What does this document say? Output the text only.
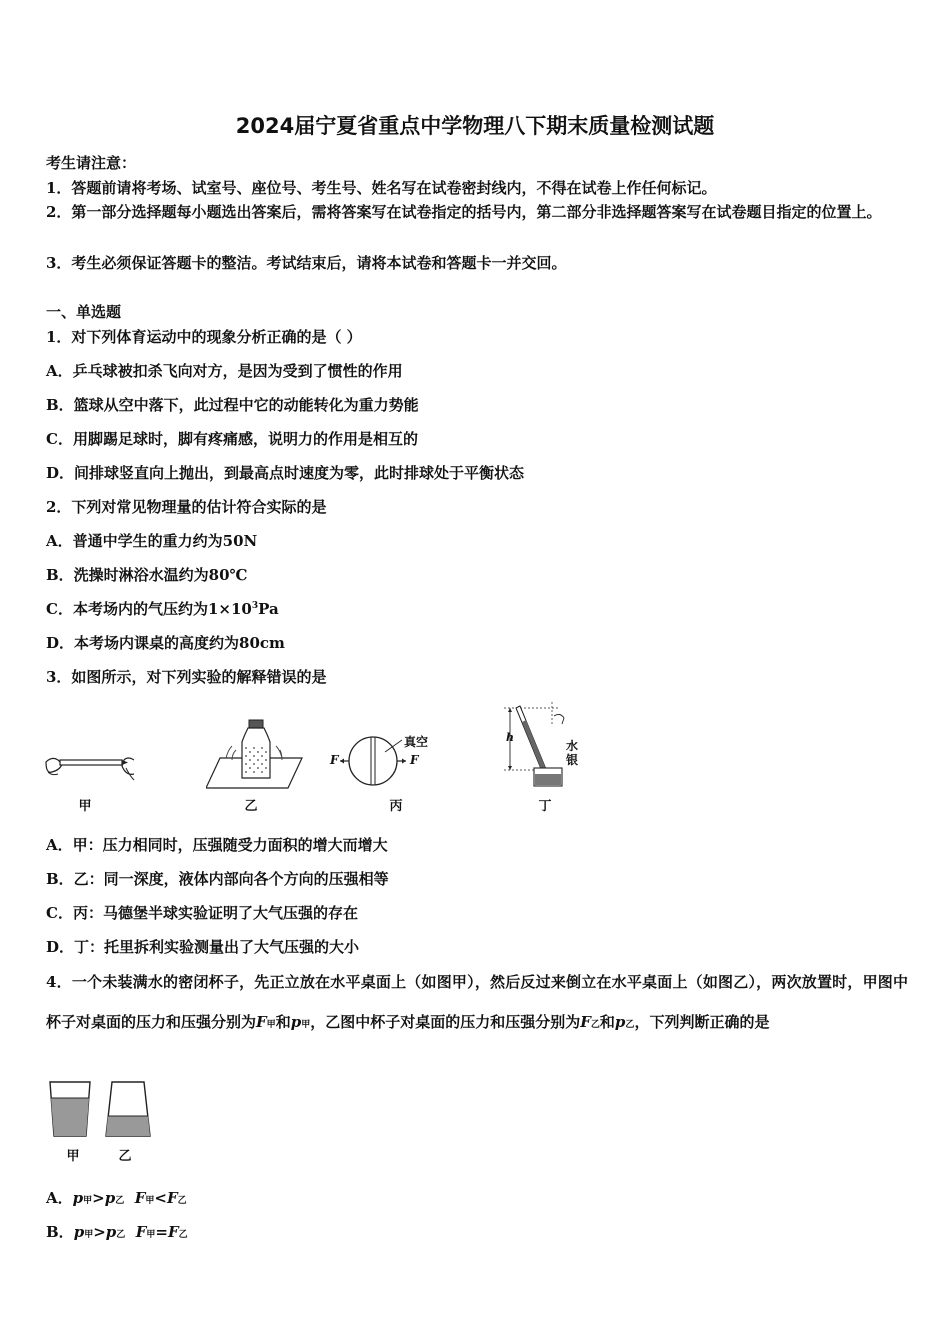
2024届宁夏省重点中学物理八下期末质量检测试题
考生请注意：
1．答题前请将考场、试室号、座位号、考生号、姓名写在试卷密封线内，不得在试卷上作任何标记。
2．第一部分选择题每小题选出答案后，需将答案写在试卷指定的括号内，第二部分非选择题答案写在试卷题目指定的位置上。
3．考生必须保证答题卡的整洁。考试结束后，请将本试卷和答题卡一并交回。
一、单选题
1．对下列体育运动中的现象分析正确的是（ ）
A．乒乓球被扣杀飞向对方，是因为受到了惯性的作用
B．篮球从空中落下，此过程中它的动能转化为重力势能
C．用脚踢足球时，脚有疼痛感，说明力的作用是相互的
D．间排球竖直向上抛出，到最高点时速度为零，此时排球处于平衡状态
2．下列对常见物理量的估计符合实际的是
A．普通中学生的重力约为50N
B．洗操时淋浴水温约为80℃
C．本考场内的气压约为$1\times 10^3Pa$
D．本考场内课桌的高度约为80cm
3．如图所示，对下列实验的解释错误的是
甲	乙
真空
F	F
丙
h
水
银
丁
A．甲：压力相同时，压强随受力面积的增大而增大
B．乙：同一深度，液体内部向各个方向的压强相等
C．丙：马德堡半球实验证明了大气压强的存在
D．丁：托里拆利实验测量出了大气压强的大小
4．一个未装满水的密闭杯子，先正立放在水平桌面上（如图甲），然后反过来倒立在水平桌面上（如图乙），两次放置时，甲图中杯子对桌面的压力和压强分别为F甲和p甲，乙图中杯子对桌面的压力和压强分别为F乙和p乙，下列判断正确的是
甲	乙
A．p甲>p乙 F甲<F乙
B．p甲>p乙 F甲=F乙
